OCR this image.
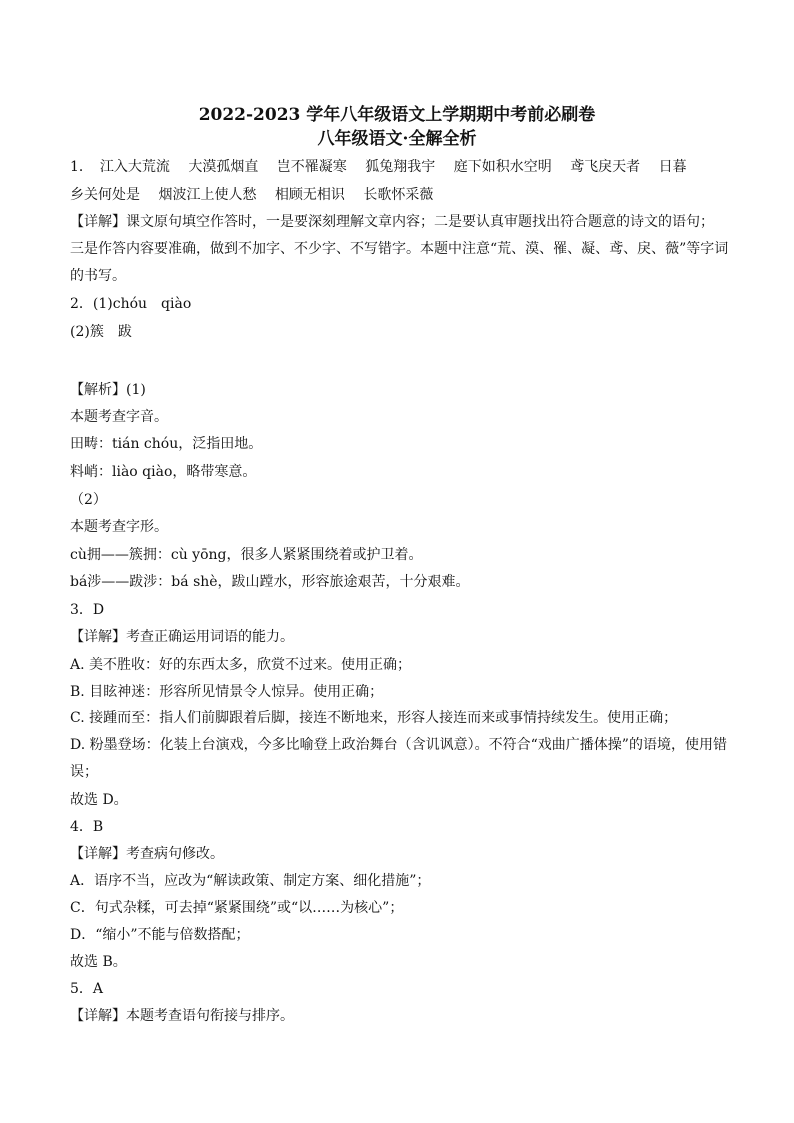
2022-2023 学年八年级语文上学期期中考前必刷卷
八年级语文·全解全析
1．　江入大荒流　 大漠孤烟直　 岂不罹凝寒　 狐兔翔我宇　 庭下如积水空明　 鸢飞戾天者　 日暮
乡关何处是　 烟波江上使人愁　 相顾无相识　 长歌怀采薇
【详解】课文原句填空作答时，一是要深刻理解文章内容；二是要认真审题找出符合题意的诗文的语句；
三是作答内容要准确，做到不加字、不少字、不写错字。本题中注意“荒、漠、罹、凝、鸢、戾、薇”等字词
的书写。
2．(1)chóu　qiào
(2)簇　跋
【解析】(1)
本题考查字音。
田畴：tián chóu，泛指田地。
料峭：liào qiào，略带寒意。
（2）
本题考查字形。
cù拥——簇拥：cù yōng，很多人紧紧围绕着或护卫着。
bá涉——跋涉：bá shè，跋山蹚水，形容旅途艰苦，十分艰难。
3．D
【详解】考查正确运用词语的能力。
A. 美不胜收：好的东西太多，欣赏不过来。使用正确；
B. 目眩神迷：形容所见情景令人惊异。使用正确；
C. 接踵而至：指人们前脚跟着后脚，接连不断地来，形容人接连而来或事情持续发生。使用正确；
D. 粉墨登场：化装上台演戏，今多比喻登上政治舞台（含讥讽意）。不符合“戏曲广播体操”的语境，使用错
误；
故选 D。
4．B
【详解】考查病句修改。
A．语序不当，应改为“解读政策、制定方案、细化措施”；
C．句式杂糅，可去掉“紧紧围绕”或“以……为核心”；
D．“缩小”不能与倍数搭配；
故选 B。
5．A
【详解】本题考查语句衔接与排序。
